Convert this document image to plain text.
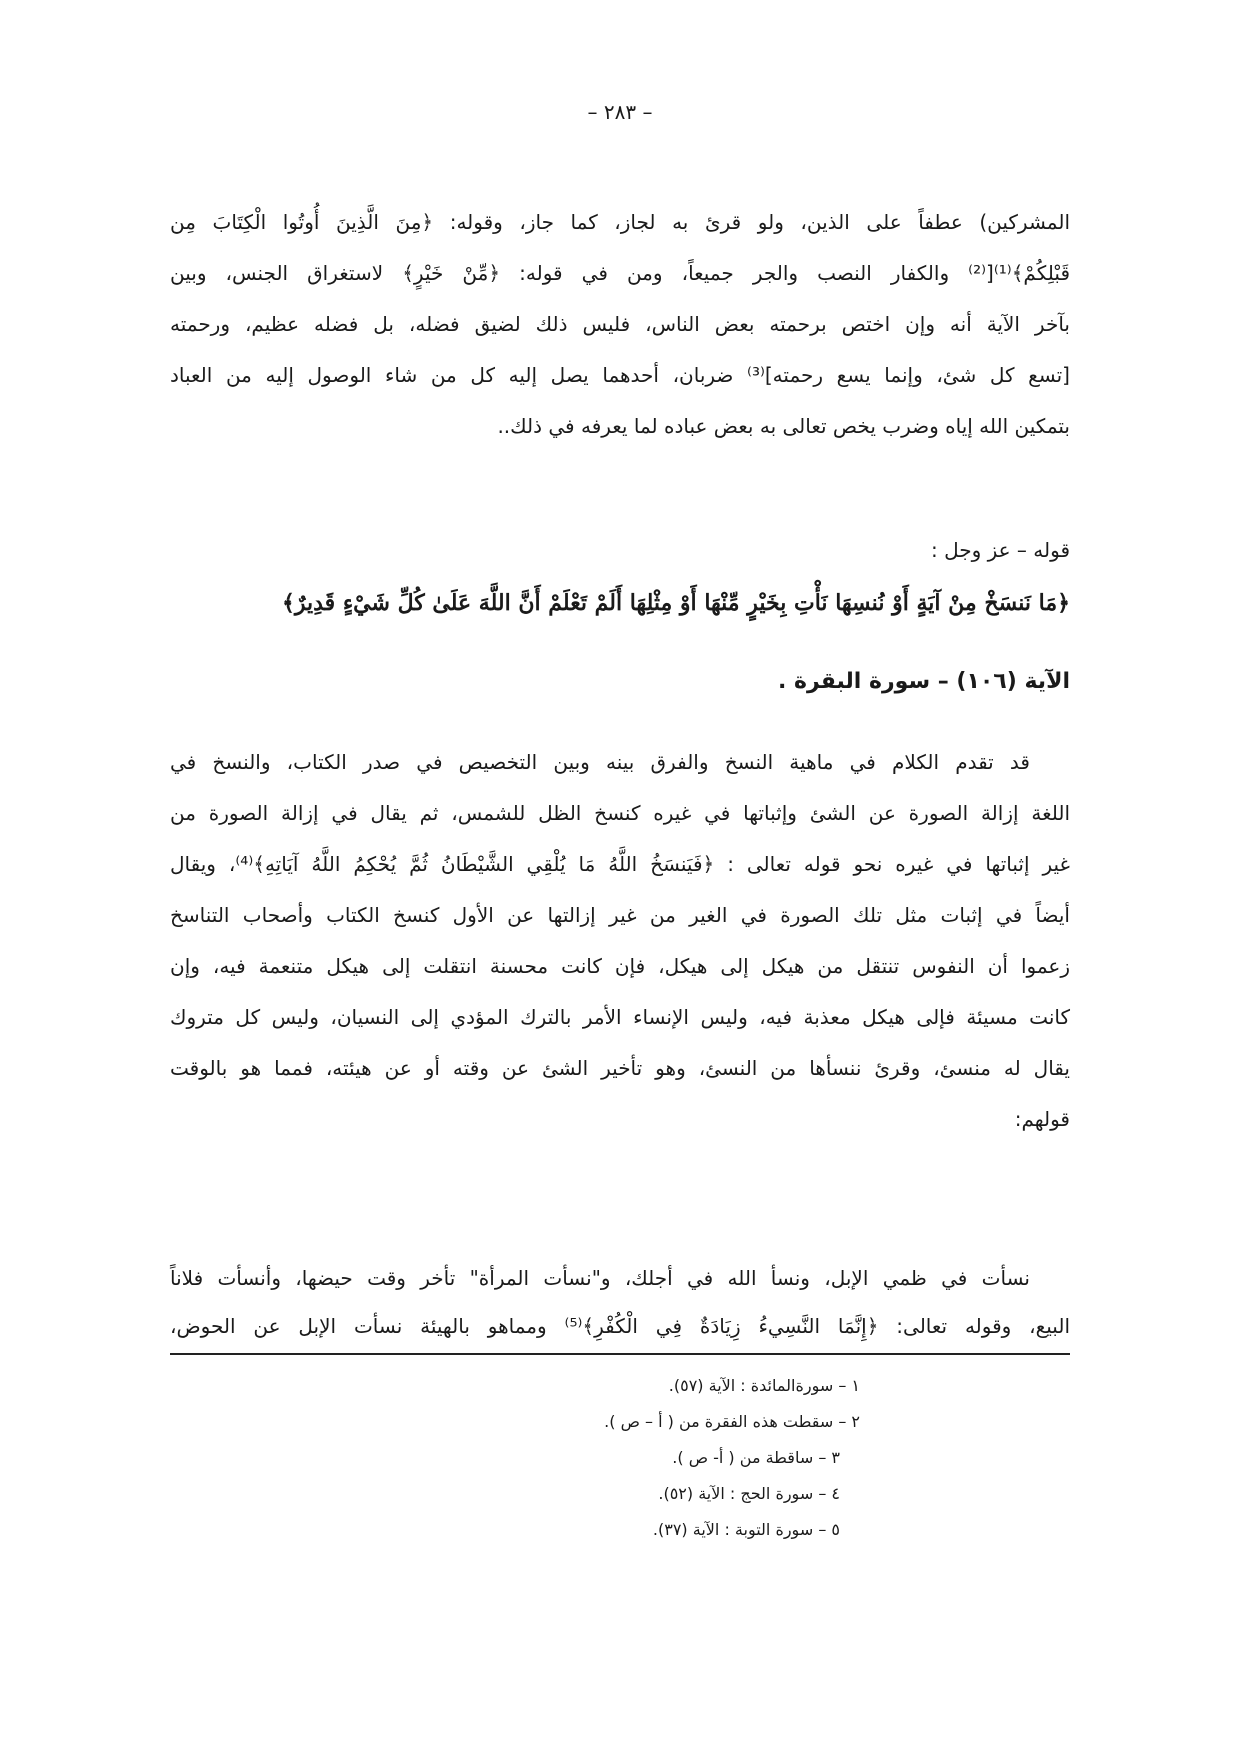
– ٢٨٣ –
المشركين) عطفاً على الذين، ولو قرئ به لجاز، كما جاز، وقوله: ﴿مِنَ الَّذِينَ أُوتُوا الْكِتَابَ مِن
قَبْلِكُمْ﴾⁽¹⁾[⁽²⁾ والكفار النصب والجر جميعاً، ومن في قوله: ﴿مِّنْ خَيْرٍ﴾ لاستغراق الجنس، وبين
بآخر الآية أنه وإن اختص برحمته بعض الناس، فليس ذلك لضيق فضله، بل فضله عظيم، ورحمته
[تسع كل شئ، وإنما يسع رحمته]⁽³⁾ ضربان، أحدهما يصل إليه كل من شاء الوصول إليه من العباد
بتمكين الله إياه وضرب يخص تعالى به بعض عباده لما يعرفه في ذلك..
قوله – عز وجل :
﴿مَا نَنسَخْ مِنْ آيَةٍ أَوْ نُنسِهَا نَأْتِ بِخَيْرٍ مِّنْهَا أَوْ مِثْلِهَا أَلَمْ تَعْلَمْ أَنَّ اللَّهَ عَلَىٰ كُلِّ شَيْءٍ قَدِيرٌ﴾
الآية (١٠٦) – سورة البقرة .
قد تقدم الكلام في ماهية النسخ والفرق بينه وبين التخصيص في صدر الكتاب، والنسخ في
اللغة إزالة الصورة عن الشئ وإثباتها في غيره كنسخ الظل للشمس، ثم يقال في إزالة الصورة من
غير إثباتها في غيره نحو قوله تعالى : ﴿فَيَنسَخُ اللَّهُ مَا يُلْقِي الشَّيْطَانُ ثُمَّ يُحْكِمُ اللَّهُ آيَاتِهِ﴾⁽⁴⁾، ويقال
أيضاً في إثبات مثل تلك الصورة في الغير من غير إزالتها عن الأول كنسخ الكتاب وأصحاب التناسخ
زعموا أن النفوس تنتقل من هيكل إلى هيكل، فإن كانت محسنة انتقلت إلى هيكل متنعمة فيه، وإن
كانت مسيئة فإلى هيكل معذبة فيه، وليس الإنساء الأمر بالترك المؤدي إلى النسيان، وليس كل متروك
يقال له منسئ، وقرئ ننسأها من النسئ، وهو تأخير الشئ عن وقته أو عن هيئته، فمما هو بالوقت
قولهم:
نسأت في ظمي الإبل، ونسأ الله في أجلك، و"نسأت المرأة" تأخر وقت حيضها، وأنسأت فلاناً
البيع، وقوله تعالى: ﴿إِنَّمَا النَّسِيءُ زِيَادَةٌ فِي الْكُفْرِ﴾⁽⁵⁾ ومماهو بالهيئة نسأت الإبل عن الحوض،
١ – سورةالمائدة : الآية (٥٧).
٢ – سقطت هذه الفقرة من ( أ – ص ).
٣ – ساقطة من ( أ- ص ).
٤ – سورة الحج : الآية (٥٢).
٥ – سورة التوبة : الآية (٣٧).
